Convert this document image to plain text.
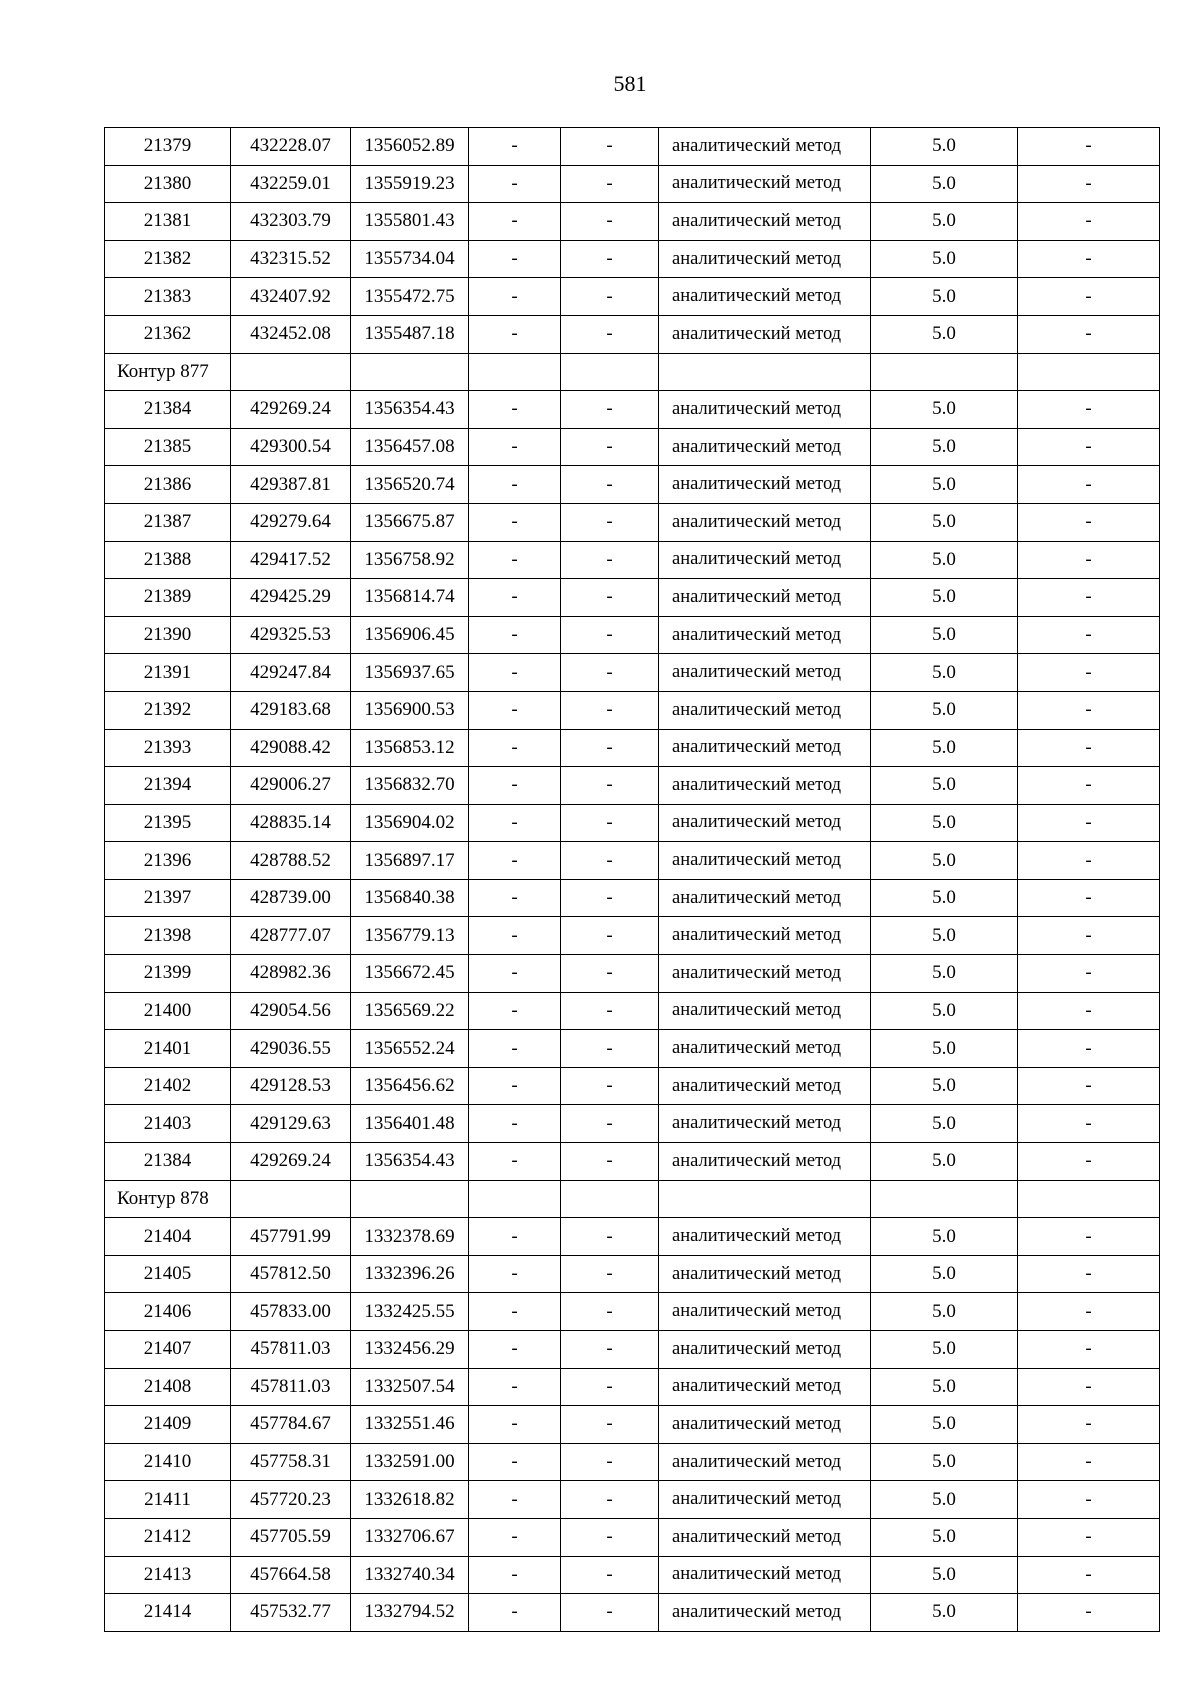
581
21379	432228.07	1356052.89	-	-	аналитический метод	5.0	-
21380	432259.01	1355919.23	-	-	аналитический метод	5.0	-
21381	432303.79	1355801.43	-	-	аналитический метод	5.0	-
21382	432315.52	1355734.04	-	-	аналитический метод	5.0	-
21383	432407.92	1355472.75	-	-	аналитический метод	5.0	-
21362	432452.08	1355487.18	-	-	аналитический метод	5.0	-
Контур 877							
21384	429269.24	1356354.43	-	-	аналитический метод	5.0	-
21385	429300.54	1356457.08	-	-	аналитический метод	5.0	-
21386	429387.81	1356520.74	-	-	аналитический метод	5.0	-
21387	429279.64	1356675.87	-	-	аналитический метод	5.0	-
21388	429417.52	1356758.92	-	-	аналитический метод	5.0	-
21389	429425.29	1356814.74	-	-	аналитический метод	5.0	-
21390	429325.53	1356906.45	-	-	аналитический метод	5.0	-
21391	429247.84	1356937.65	-	-	аналитический метод	5.0	-
21392	429183.68	1356900.53	-	-	аналитический метод	5.0	-
21393	429088.42	1356853.12	-	-	аналитический метод	5.0	-
21394	429006.27	1356832.70	-	-	аналитический метод	5.0	-
21395	428835.14	1356904.02	-	-	аналитический метод	5.0	-
21396	428788.52	1356897.17	-	-	аналитический метод	5.0	-
21397	428739.00	1356840.38	-	-	аналитический метод	5.0	-
21398	428777.07	1356779.13	-	-	аналитический метод	5.0	-
21399	428982.36	1356672.45	-	-	аналитический метод	5.0	-
21400	429054.56	1356569.22	-	-	аналитический метод	5.0	-
21401	429036.55	1356552.24	-	-	аналитический метод	5.0	-
21402	429128.53	1356456.62	-	-	аналитический метод	5.0	-
21403	429129.63	1356401.48	-	-	аналитический метод	5.0	-
21384	429269.24	1356354.43	-	-	аналитический метод	5.0	-
Контур 878							
21404	457791.99	1332378.69	-	-	аналитический метод	5.0	-
21405	457812.50	1332396.26	-	-	аналитический метод	5.0	-
21406	457833.00	1332425.55	-	-	аналитический метод	5.0	-
21407	457811.03	1332456.29	-	-	аналитический метод	5.0	-
21408	457811.03	1332507.54	-	-	аналитический метод	5.0	-
21409	457784.67	1332551.46	-	-	аналитический метод	5.0	-
21410	457758.31	1332591.00	-	-	аналитический метод	5.0	-
21411	457720.23	1332618.82	-	-	аналитический метод	5.0	-
21412	457705.59	1332706.67	-	-	аналитический метод	5.0	-
21413	457664.58	1332740.34	-	-	аналитический метод	5.0	-
21414	457532.77	1332794.52	-	-	аналитический метод	5.0	-
